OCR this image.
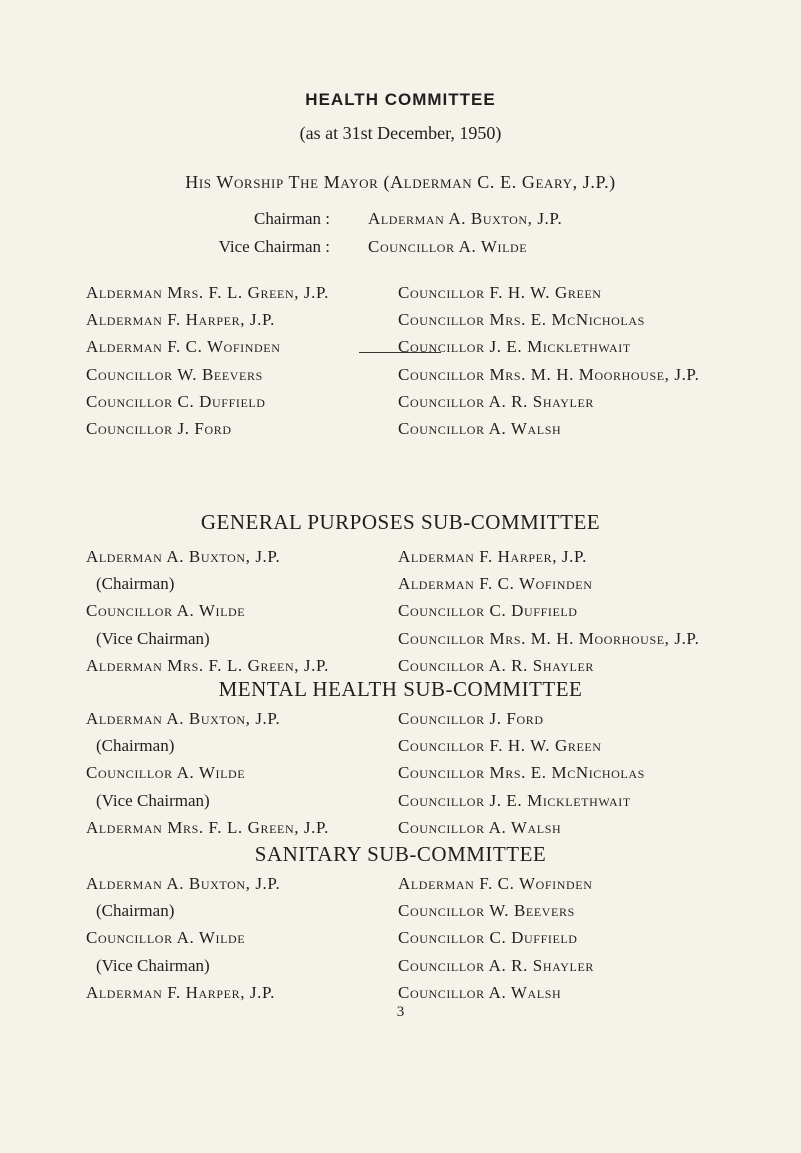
HEALTH COMMITTEE
(as at 31st December, 1950)
His Worship The Mayor (Alderman C. E. Geary, J.P.)
Chairman : Alderman A. Buxton, J.P.
Vice Chairman : Councillor A. Wilde
Alderman Mrs. F. L. Green, J.P.
Alderman F. Harper, J.P.
Alderman F. C. Wofinden
Councillor W. Beevers
Councillor C. Duffield
Councillor J. Ford
Councillor F. H. W. Green
Councillor Mrs. E. McNicholas
Councillor J. E. Micklethwait
Councillor Mrs. M. H. Moorhouse, J.P.
Councillor A. R. Shayler
Councillor A. Walsh
GENERAL PURPOSES SUB-COMMITTEE
Alderman A. Buxton, J.P.
(Chairman)
Councillor A. Wilde
(Vice Chairman)
Alderman Mrs. F. L. Green, J.P.
Alderman F. Harper, J.P.
Alderman F. C. Wofinden
Councillor C. Duffield
Councillor Mrs. M. H. Moorhouse, J.P.
Councillor A. R. Shayler
MENTAL HEALTH SUB-COMMITTEE
Alderman A. Buxton, J.P.
(Chairman)
Councillor A. Wilde
(Vice Chairman)
Alderman Mrs. F. L. Green, J.P.
Councillor J. Ford
Councillor F. H. W. Green
Councillor Mrs. E. McNicholas
Councillor J. E. Micklethwait
Councillor A. Walsh
SANITARY SUB-COMMITTEE
Alderman A. Buxton, J.P.
(Chairman)
Councillor A. Wilde
(Vice Chairman)
Alderman F. Harper, J.P.
Alderman F. C. Wofinden
Councillor W. Beevers
Councillor C. Duffield
Councillor A. R. Shayler
Councillor A. Walsh
3
